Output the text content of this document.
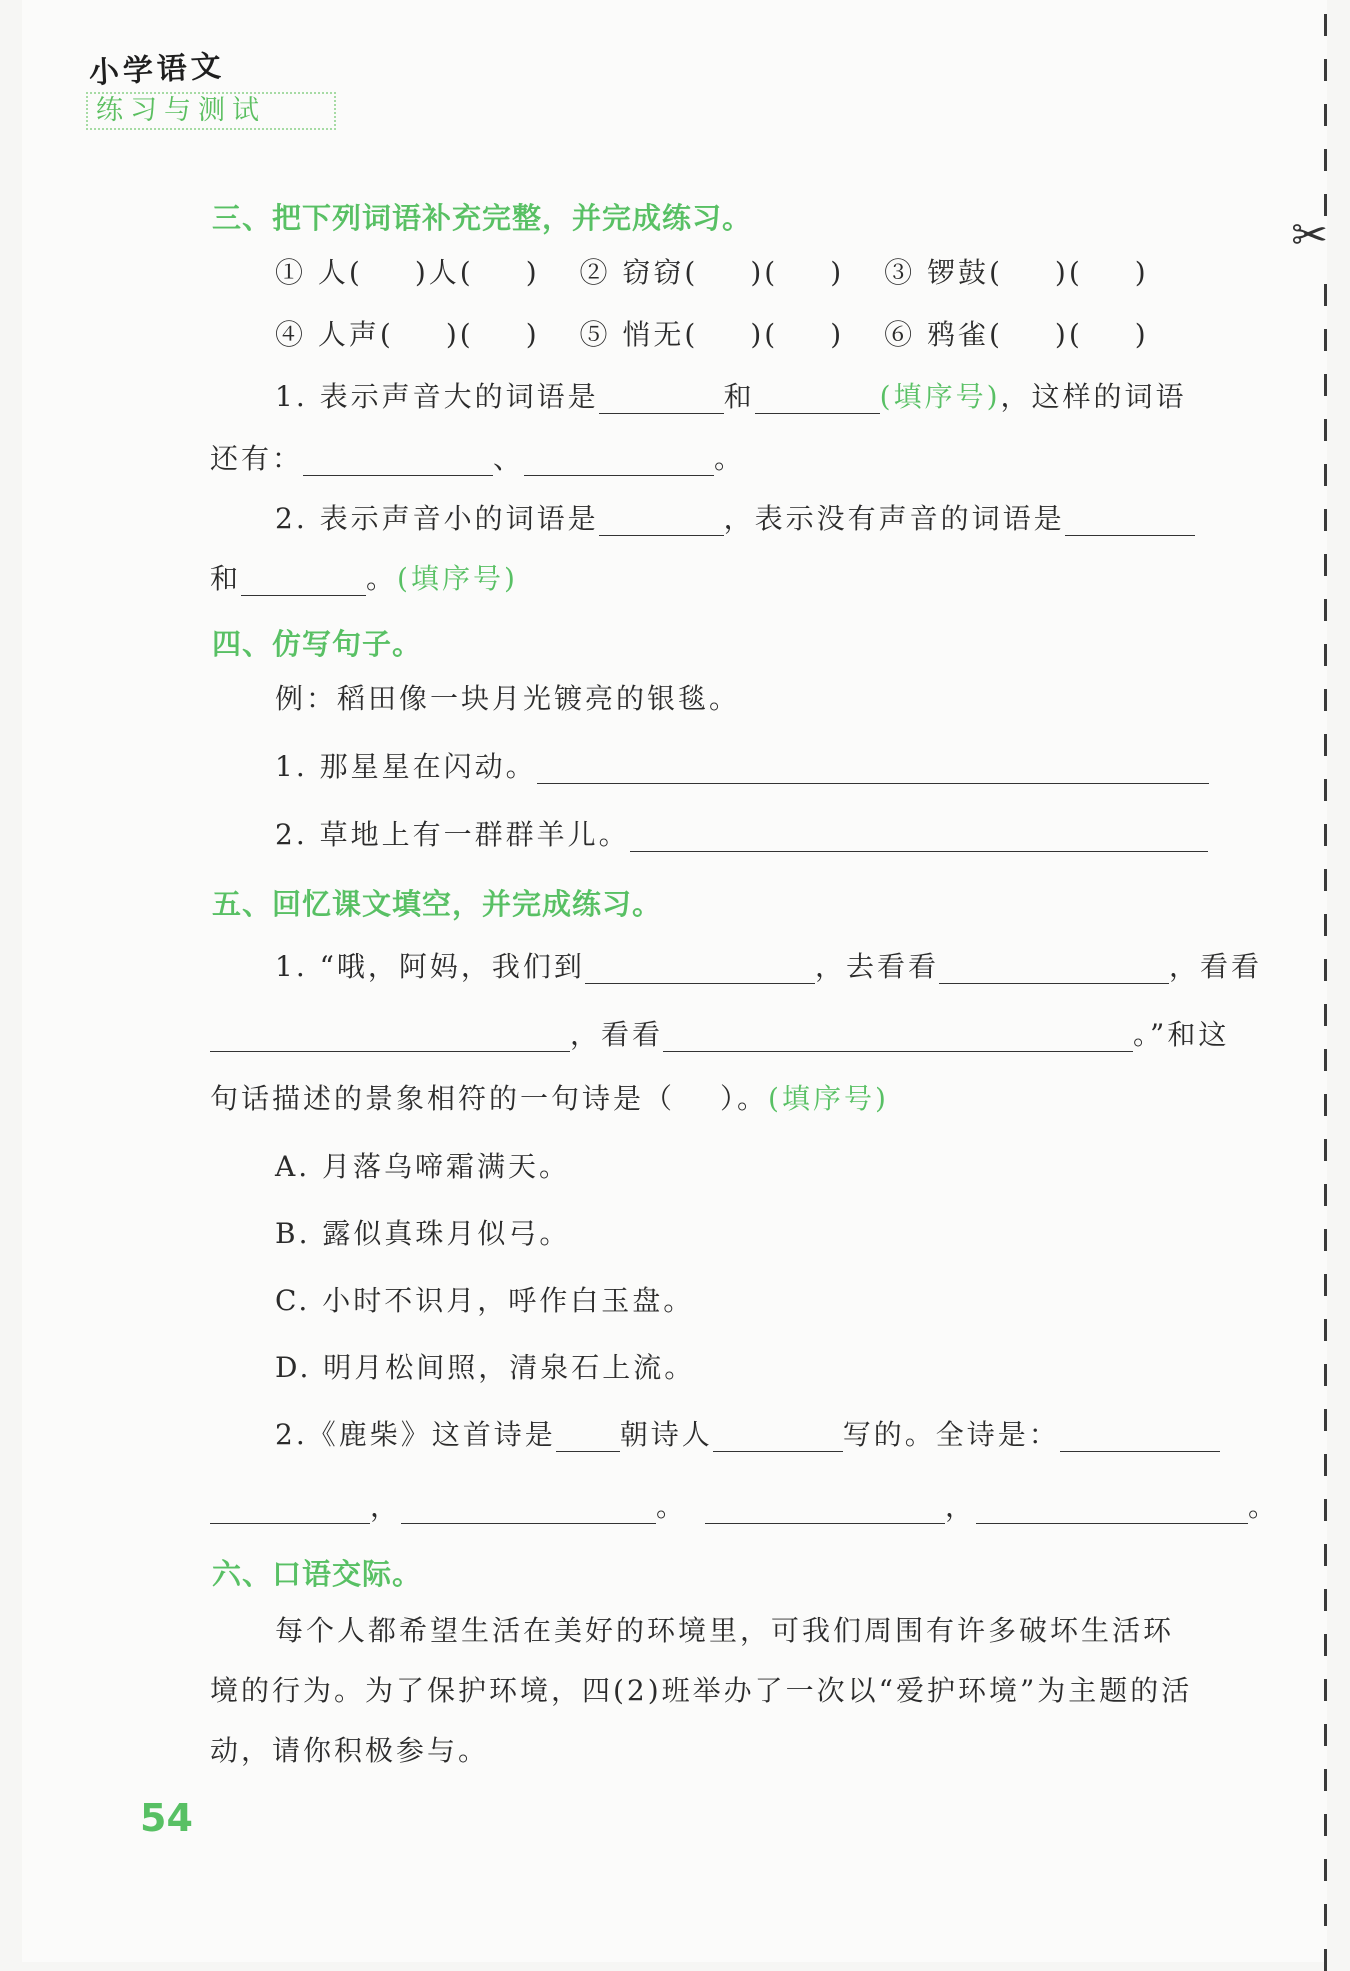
小学语文
练习与测试
✂
三、把下列词语补充完整，并完成练习。
① 人( )人( ) ② 窃窃( )( ) ③ 锣鼓( )( )
④ 人声( )( ) ⑤ 悄无( )( ) ⑥ 鸦雀( )( )
1. 表示声音大的词语是	和	(填序号)，这样的词语
还有：	、	。
2. 表示声音小的词语是	，表示没有声音的词语是
和	。(填序号)
四、仿写句子。
例：稻田像一块月光镀亮的银毯。
1. 那星星在闪动。
2. 草地上有一群群羊儿。
五、回忆课文填空，并完成练习。
1. “哦，阿妈，我们到	，去看看	，看看
，看看	。”和这
句话描述的景象相符的一句诗是（ ）。(填序号)
A. 月落乌啼霜满天。
B. 露似真珠月似弓。
C. 小时不识月，呼作白玉盘。
D. 明月松间照，清泉石上流。
2.《鹿柴》这首诗是 朝诗人	写的。全诗是：
，	。	，	。
六、口语交际。
每个人都希望生活在美好的环境里，可我们周围有许多破坏生活环
境的行为。为了保护环境，四(2)班举办了一次以“爱护环境”为主题的活
动，请你积极参与。
54
